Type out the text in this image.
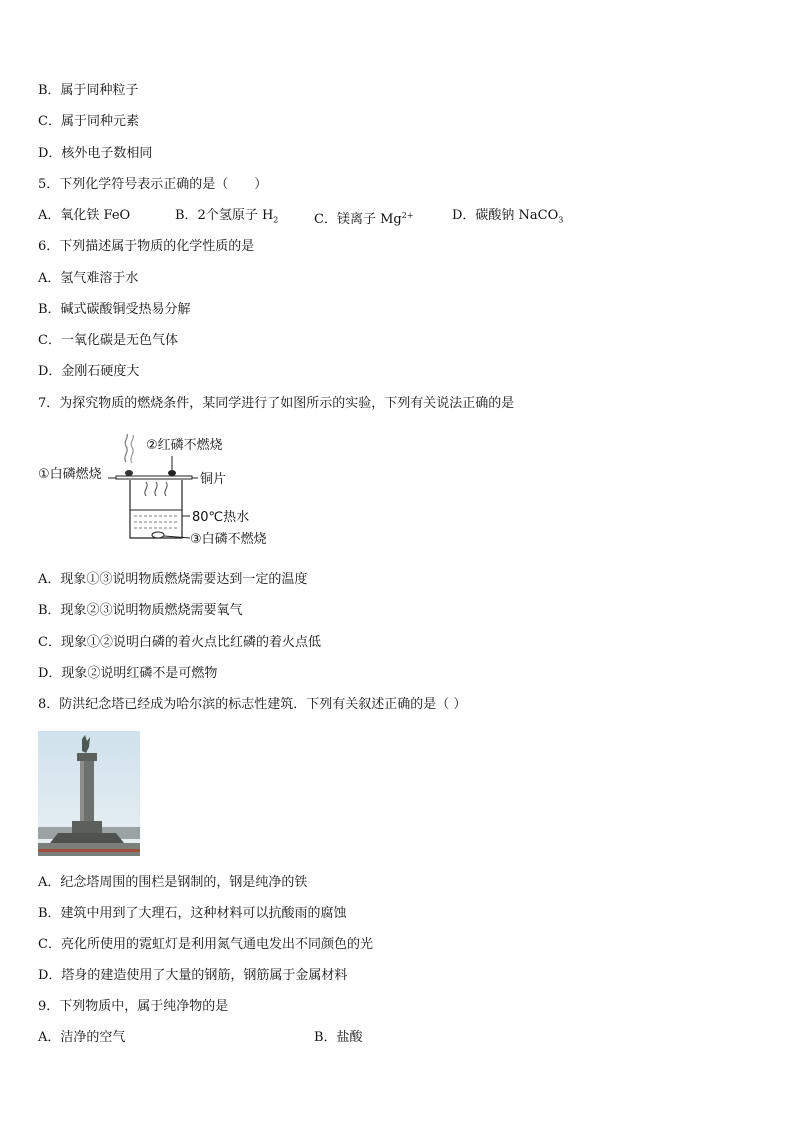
B．属于同种粒子
C．属于同种元素
D．核外电子数相同
5．下列化学符号表示正确的是（　　）
A．氧化铁 FeO	B．2个氢原子 $H_2$	C．镁离子 $Mg^{2+}$	D．碳酸钠 NaCO$_3$
6．下列描述属于物质的化学性质的是
A．氢气难溶于水
B．碱式碳酸铜受热易分解
C．一氧化碳是无色气体
D．金刚石硬度大
7．为探究物质的燃烧条件，某同学进行了如图所示的实验，下列有关说法正确的是
①白磷燃烧
②红磷不燃烧
铜片
80℃热水
③白磷不燃烧
A．现象①③说明物质燃烧需要达到一定的温度
B．现象②③说明物质燃烧需要氧气
C．现象①②说明白磷的着火点比红磷的着火点低
D．现象②说明红磷不是可燃物
8．防洪纪念塔已经成为哈尔滨的标志性建筑．下列有关叙述正确的是（ ）
A．纪念塔周围的围栏是钢制的，钢是纯净的铁
B．建筑中用到了大理石，这种材料可以抗酸雨的腐蚀
C．亮化所使用的霓虹灯是利用氮气通电发出不同颜色的光
D．塔身的建造使用了大量的钢筋，钢筋属于金属材料
9．下列物质中，属于纯净物的是
A．洁净的空气	B．盐酸
